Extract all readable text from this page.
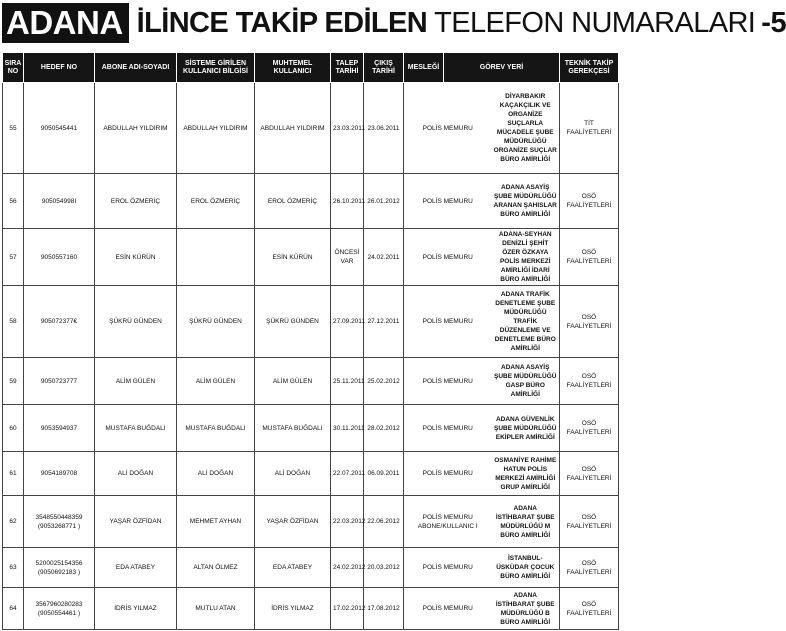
ADANA İLİNCE TAKİP EDİLEN TELEFON NUMARALARI -5
SIRA NO	HEDEF NO	ABONE ADI-SOYADI	SİSTEME GİRİLEN KULLANICI BİLGİSİ	MUHTEMEL KULLANICI	TALEP TARİHİ	ÇIKIŞ TARİHİ	MESLEĞİ	GÖREV YERİ		TEKNİK TAKİP GEREKÇESİ
55	9050545441	ABDULLAH YILDIRIM	ABDULLAH YILDIRIM	ABDULLAH YILDIRIM	23.03.2011	23.06.2011	POLİS MEMURU		DİYARBAKIR KAÇAKÇILIK VE ORGANİZE SUÇLARLA MÜCADELE ŞUBE MÜDÜRLÜĞÜ ORGANİZE SUÇLAR BÜRO AMİRLİĞİ	TİT FAALİYETLERİ
56	905054998I	EROL ÖZMERİÇ	EROL ÖZMERİÇ	EROL ÖZMERİÇ	26.10.2011	26.01.2012	POLİS MEMURU		ADANA ASAYİŞ ŞUBE MÜDÜRLÜĞÜ ARANAN ŞAHISLAR BÜRO AMİRLİĞİ	OSÖ FAALİYETLERİ
57	9050557160	ESİN KÜRÜN		ESİN KÜRÜN	ÖNCESİ VAR	24.02.2011	POLİS MEMURU		ADANA-SEYHAN DENİZLİ ŞEHİT ÖZER ÖZKAYA POLİS MERKEZİ AMİRLİĞİ İDARİ BÜRO AMİRLİĞİ	OSÖ FAALİYETLERİ
58	905072377€	ŞÜKRÜ GÜNDEN	ŞÜKRÜ GÜNDEN	ŞÜKRÜ GÜNDEN	27.09.2011	27.12.2011	POLİS MEMURU		ADANA TRAFİK DENETLEME ŞUBE MÜDÜRLÜĞÜ TRAFİK DÜZENLEME VE DENETLEME BÜRO AMİRLİĞİ	OSÖ FAALİYETLERİ
59	9050723777	ALİM GÜLEN	ALİM GÜLEN	ALİM GÜLEN	25.11.2011	25.02.2012	POLİS MEMURU		ADANA ASAYİŞ ŞUBE MÜDÜRLÜĞÜ GASP BÜRO AMİRLİĞİ	OSÖ FAALİYETLERİ
60	9053594937	MUSTAFA BUĞDALI	MUSTAFA BUĞDALI	MUSTAFA BUĞDALI	30.11.2011	28.02.2012	POLİS MEMURU		ADANA GÜVENLİK ŞUBE MÜDÜRLÜĞÜ EKİPLER AMİRLİĞİ	OSÖ FAALİYETLERİ
61	9054189708	ALİ DOĞAN	ALİ DOĞAN	ALİ DOĞAN	22.07.2011	06.09.2011	POLİS MEMURU		OSMANİYE RAHİME HATUN POLİS MERKEZİ AMİRLİĞİ GRUP AMİRLİĞİ	OSÖ FAALİYETLERİ
62	3548550448359 (9053268771 )	YAŞAR ÖZFİDAN	MEHMET AYHAN	YAŞAR ÖZFİDAN	22.03.2012	22.06.2012	POLİS MEMURU ABONE/KULLANIC I		ADANA İSTİHBARAT ŞUBE MÜDÜRLÜĞÜ M BÜRO AMİRLİĞİ	OSÖ FAALİYETLERİ
63	5200025154356 (9050692183 )	EDA ATABEY	ALTAN ÖLMEZ	EDA ATABEY	24.02.2012	20.03.2012	POLİS MEMURU		İSTANBUL-ÜSKÜDAR ÇOCUK BÜRO AMİRLİĞİ	OSÖ FAALİYETLERİ
64	3567960280283 (9050554461 )	İDRİS YILMAZ	MUTLU ATAN	İDRİS YILMAZ	17.02.2012	17.08.2012	POLİS MEMURU		ADANA İSTİHBARAT ŞUBE MÜDÜRLÜĞÜ B BÜRO AMİRLİĞİ	OSÖ FAALİYETLERİ
